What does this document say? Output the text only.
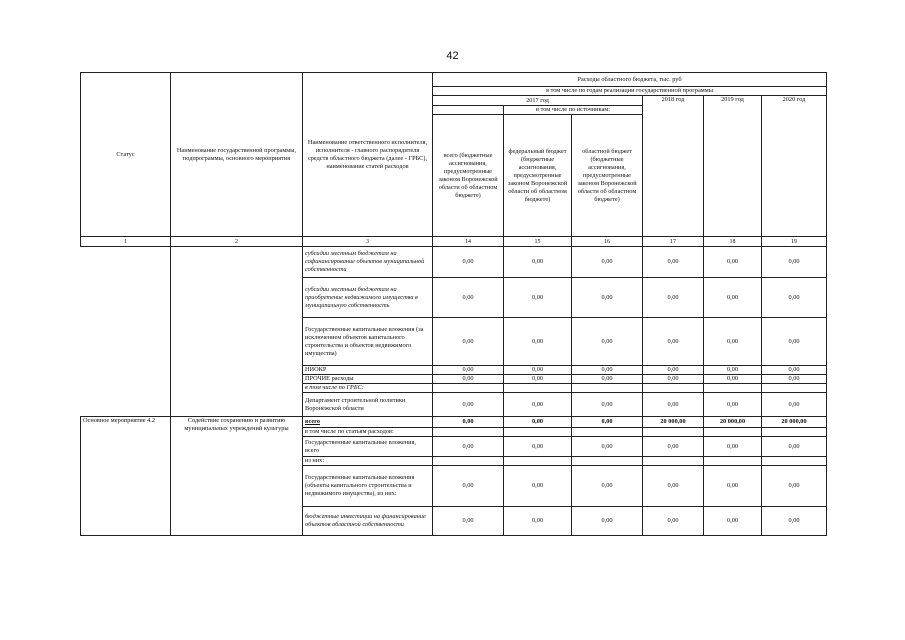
42
Статус	Наименование государственной программы, подпрограммы, основного мероприятия	Наименование ответственного исполнителя, исполнителя - главного распорядителя средств областного бюджета (далее - ГРБС), наименование статей расходов	Расходы областного бюджета, тыс. руб					
			в том числе по годам реализации государственной программы					
			2017 год			2018 год	2019 год	2020 год
				в том числе по источникам:				
			всего (бюджетные ассигнования, предусмотренные законом Воронежской области об областном бюджете)	федеральный бюджет (бюджетные ассигнования, предусмотренные законом Воронежской области об областном бюджете)	областной бюджет (бюджетные ассигнования, предусмотренные законом Воронежской области об областном бюджете)			
1	2	3	14	15	16	17	18	19
		субсидии местным бюджетам на софинансирование объектов муниципальной собственности	0,00	0,00	0,00	0,00	0,00	0,00
		субсидии местным бюджетам на приобретение недвижимого имущества в муниципальную собственность	0,00	0,00	0,00	0,00	0,00	0,00
		Государственные капитальные вложения (за исключением объектов капитального строительства и объектов недвижимого имущества)	0,00	0,00	0,00	0,00	0,00	0,00
		НИОКР	0,00	0,00	0,00	0,00	0,00	0,00
		ПРОЧИЕ расходы	0,00	0,00	0,00	0,00	0,00	0,00
		в том числе по ГРБС:						
		Департамент строительной политики Воронежской области	0,00	0,00	0,00	0,00	0,00	0,00
Основное мероприятие 4.2	Содействие сохранению и развитию муниципальных учреждений культуры	всего	0,00	0,00	0,00	20 000,00	20 000,00	20 000,00
		в том числе по статьям расходов:						
		Государственные капитальные вложения, всего	0,00	0,00	0,00	0,00	0,00	0,00
		из них:						
		Государственные капитальные вложения (объекты капитального строительства и недвижимого имущества), из них:	0,00	0,00	0,00	0,00	0,00	0,00
		бюджетные инвестиции на финансирование объектов областной собственности	0,00	0,00	0,00	0,00	0,00	0,00
